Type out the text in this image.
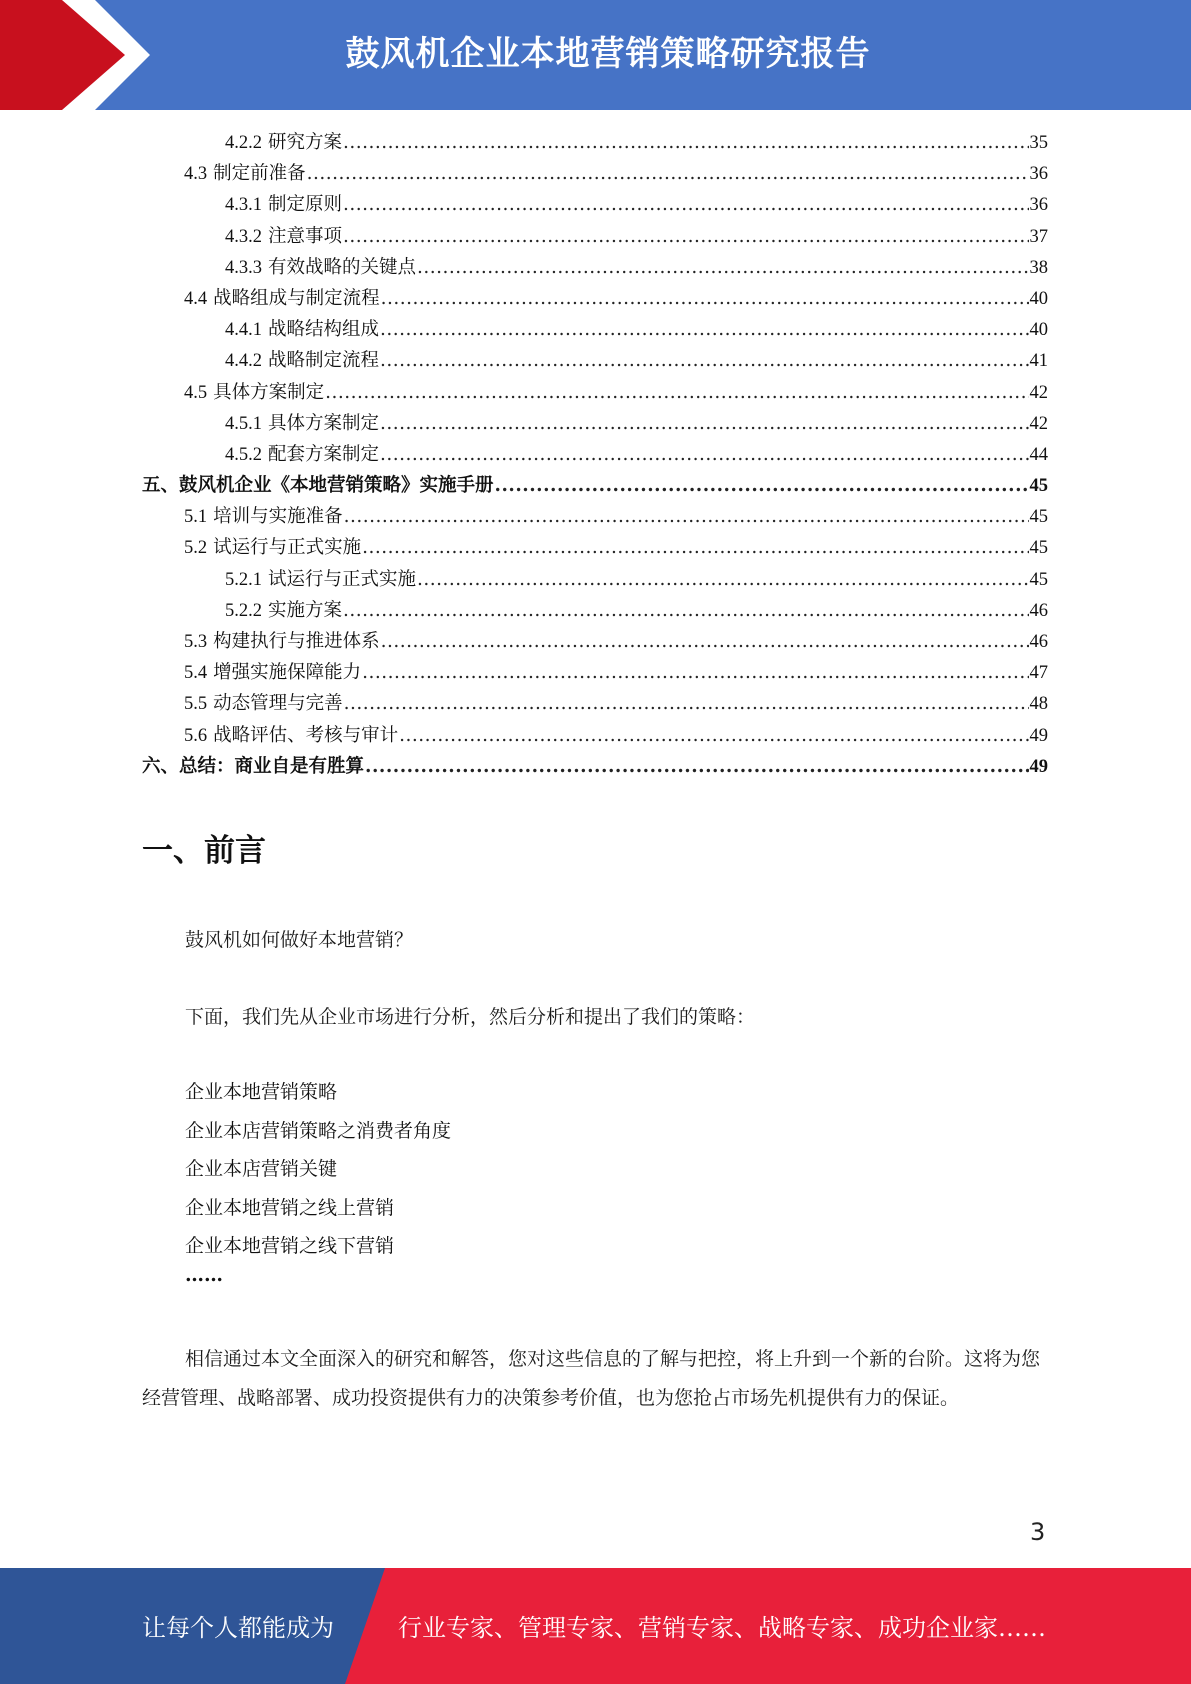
鼓风机企业本地营销策略研究报告
4.2.2 研究方案 .....	35
4.3 制定前准备 .....	36
4.3.1 制定原则 .....	36
4.3.2 注意事项 .....	37
4.3.3 有效战略的关键点 .....	38
4.4 战略组成与制定流程 .....	40
4.4.1 战略结构组成 .....	40
4.4.2 战略制定流程 .....	41
4.5 具体方案制定 .....	42
4.5.1 具体方案制定 .....	42
4.5.2 配套方案制定 .....	44
五、鼓风机企业《本地营销策略》实施手册 .....	45
5.1 培训与实施准备 .....	45
5.2 试运行与正式实施 .....	45
5.2.1 试运行与正式实施 .....	45
5.2.2 实施方案 .....	46
5.3 构建执行与推进体系 .....	46
5.4 增强实施保障能力 .....	47
5.5 动态管理与完善 .....	48
5.6 战略评估、考核与审计 .....	49
六、总结：商业自是有胜算 .....	49
一、前言
鼓风机如何做好本地营销？
下面，我们先从企业市场进行分析，然后分析和提出了我们的策略：
企业本地营销策略
企业本店营销策略之消费者角度
企业本店营销关键
企业本地营销之线上营销
企业本地营销之线下营销
……
相信通过本文全面深入的研究和解答，您对这些信息的了解与把控，将上升到一个新的台阶。这将为您经营管理、战略部署、成功投资提供有力的决策参考价值，也为您抢占市场先机提供有力的保证。
3
让每个人都能成为	行业专家、管理专家、营销专家、战略专家、成功企业家……
